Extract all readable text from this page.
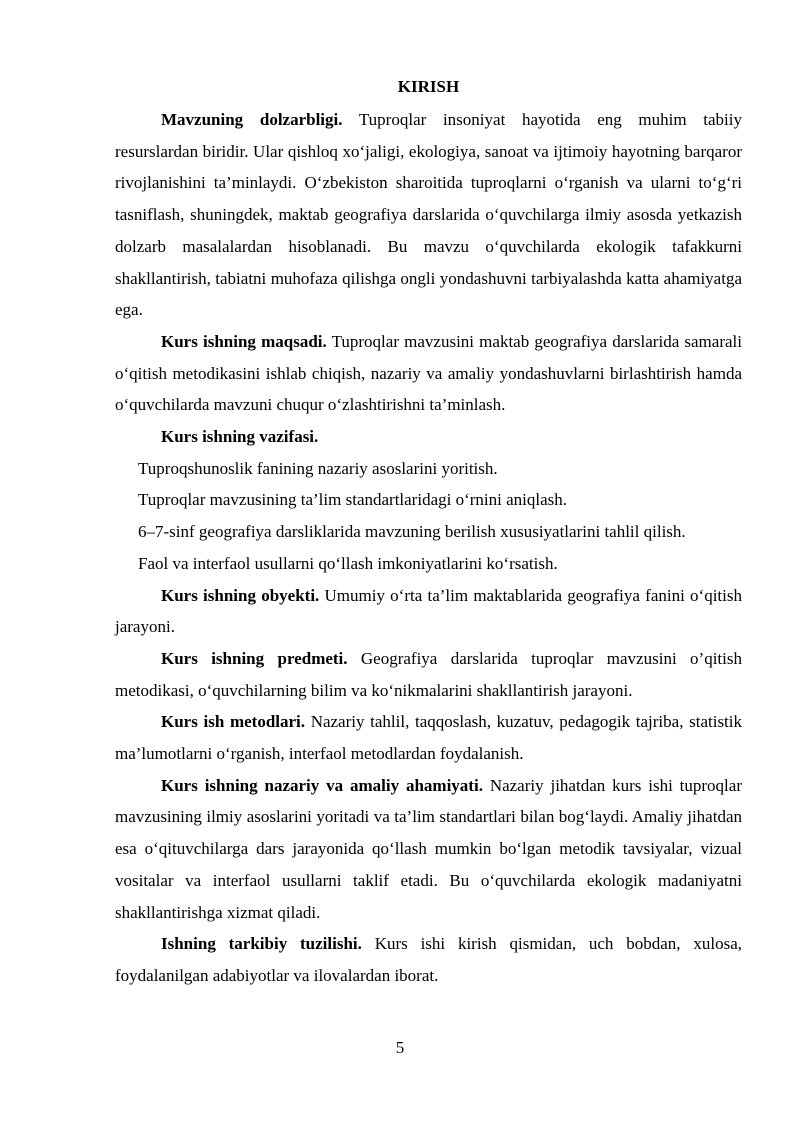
KIRISH

Mavzuning dolzarbligi. Tuproqlar insoniyat hayotida eng muhim tabiiy resurslardan biridir. Ular qishloq xo‘jaligi, ekologiya, sanoat va ijtimoiy hayotning barqaror rivojlanishini ta’minlaydi. O‘zbekiston sharoitida tuproqlarni o‘rganish va ularni to‘g‘ri tasniflash, shuningdek, maktab geografiya darslarida o‘quvchilarga ilmiy asosda yetkazish dolzarb masalalardan hisoblanadi. Bu mavzu o‘quvchilarda ekologik tafakkurni shakllantirish, tabiatni muhofaza qilishga ongli yondashuvni tarbiyalashda katta ahamiyatga ega.

Kurs ishning maqsadi. Tuproqlar mavzusini maktab geografiya darslarida samarali o‘qitish metodikasini ishlab chiqish, nazariy va amaliy yondashuvlarni birlashtirish hamda o‘quvchilarda mavzuni chuqur o‘zlashtirishni ta’minlash.

Kurs ishning vazifasi.

Tuproqshunoslik fanining nazariy asoslarini yoritish.

Tuproqlar mavzusining ta’lim standartlaridagi o‘rnini aniqlash.

6–7-sinf geografiya darsliklarida mavzuning berilish xususiyatlarini tahlil qilish.

Faol va interfaol usullarni qo‘llash imkoniyatlarini ko‘rsatish.

Kurs ishning obyekti. Umumiy o‘rta ta’lim maktablarida geografiya fanini o‘qitish jarayoni.

Kurs ishning predmeti. Geografiya darslarida tuproqlar mavzusini o’qitish metodikasi, o‘quvchilarning bilim va ko‘nikmalarini shakllantirish jarayoni.

Kurs ish metodlari. Nazariy tahlil, taqqoslash, kuzatuv, pedagogik tajriba, statistik ma’lumotlarni o‘rganish, interfaol metodlardan foydalanish.

Kurs ishning nazariy va amaliy ahamiyati. Nazariy jihatdan kurs ishi tuproqlar mavzusining ilmiy asoslarini yoritadi va ta’lim standartlari bilan bog‘laydi. Amaliy jihatdan esa o‘qituvchilarga dars jarayonida qo‘llash mumkin bo‘lgan metodik tavsiyalar, vizual vositalar va interfaol usullarni taklif etadi. Bu o‘quvchilarda ekologik madaniyatni shakllantirishga xizmat qiladi.

Ishning tarkibiy tuzilishi. Kurs ishi kirish qismidan, uch bobdan, xulosa, foydalanilgan adabiyotlar va ilovalardan iborat.

5
